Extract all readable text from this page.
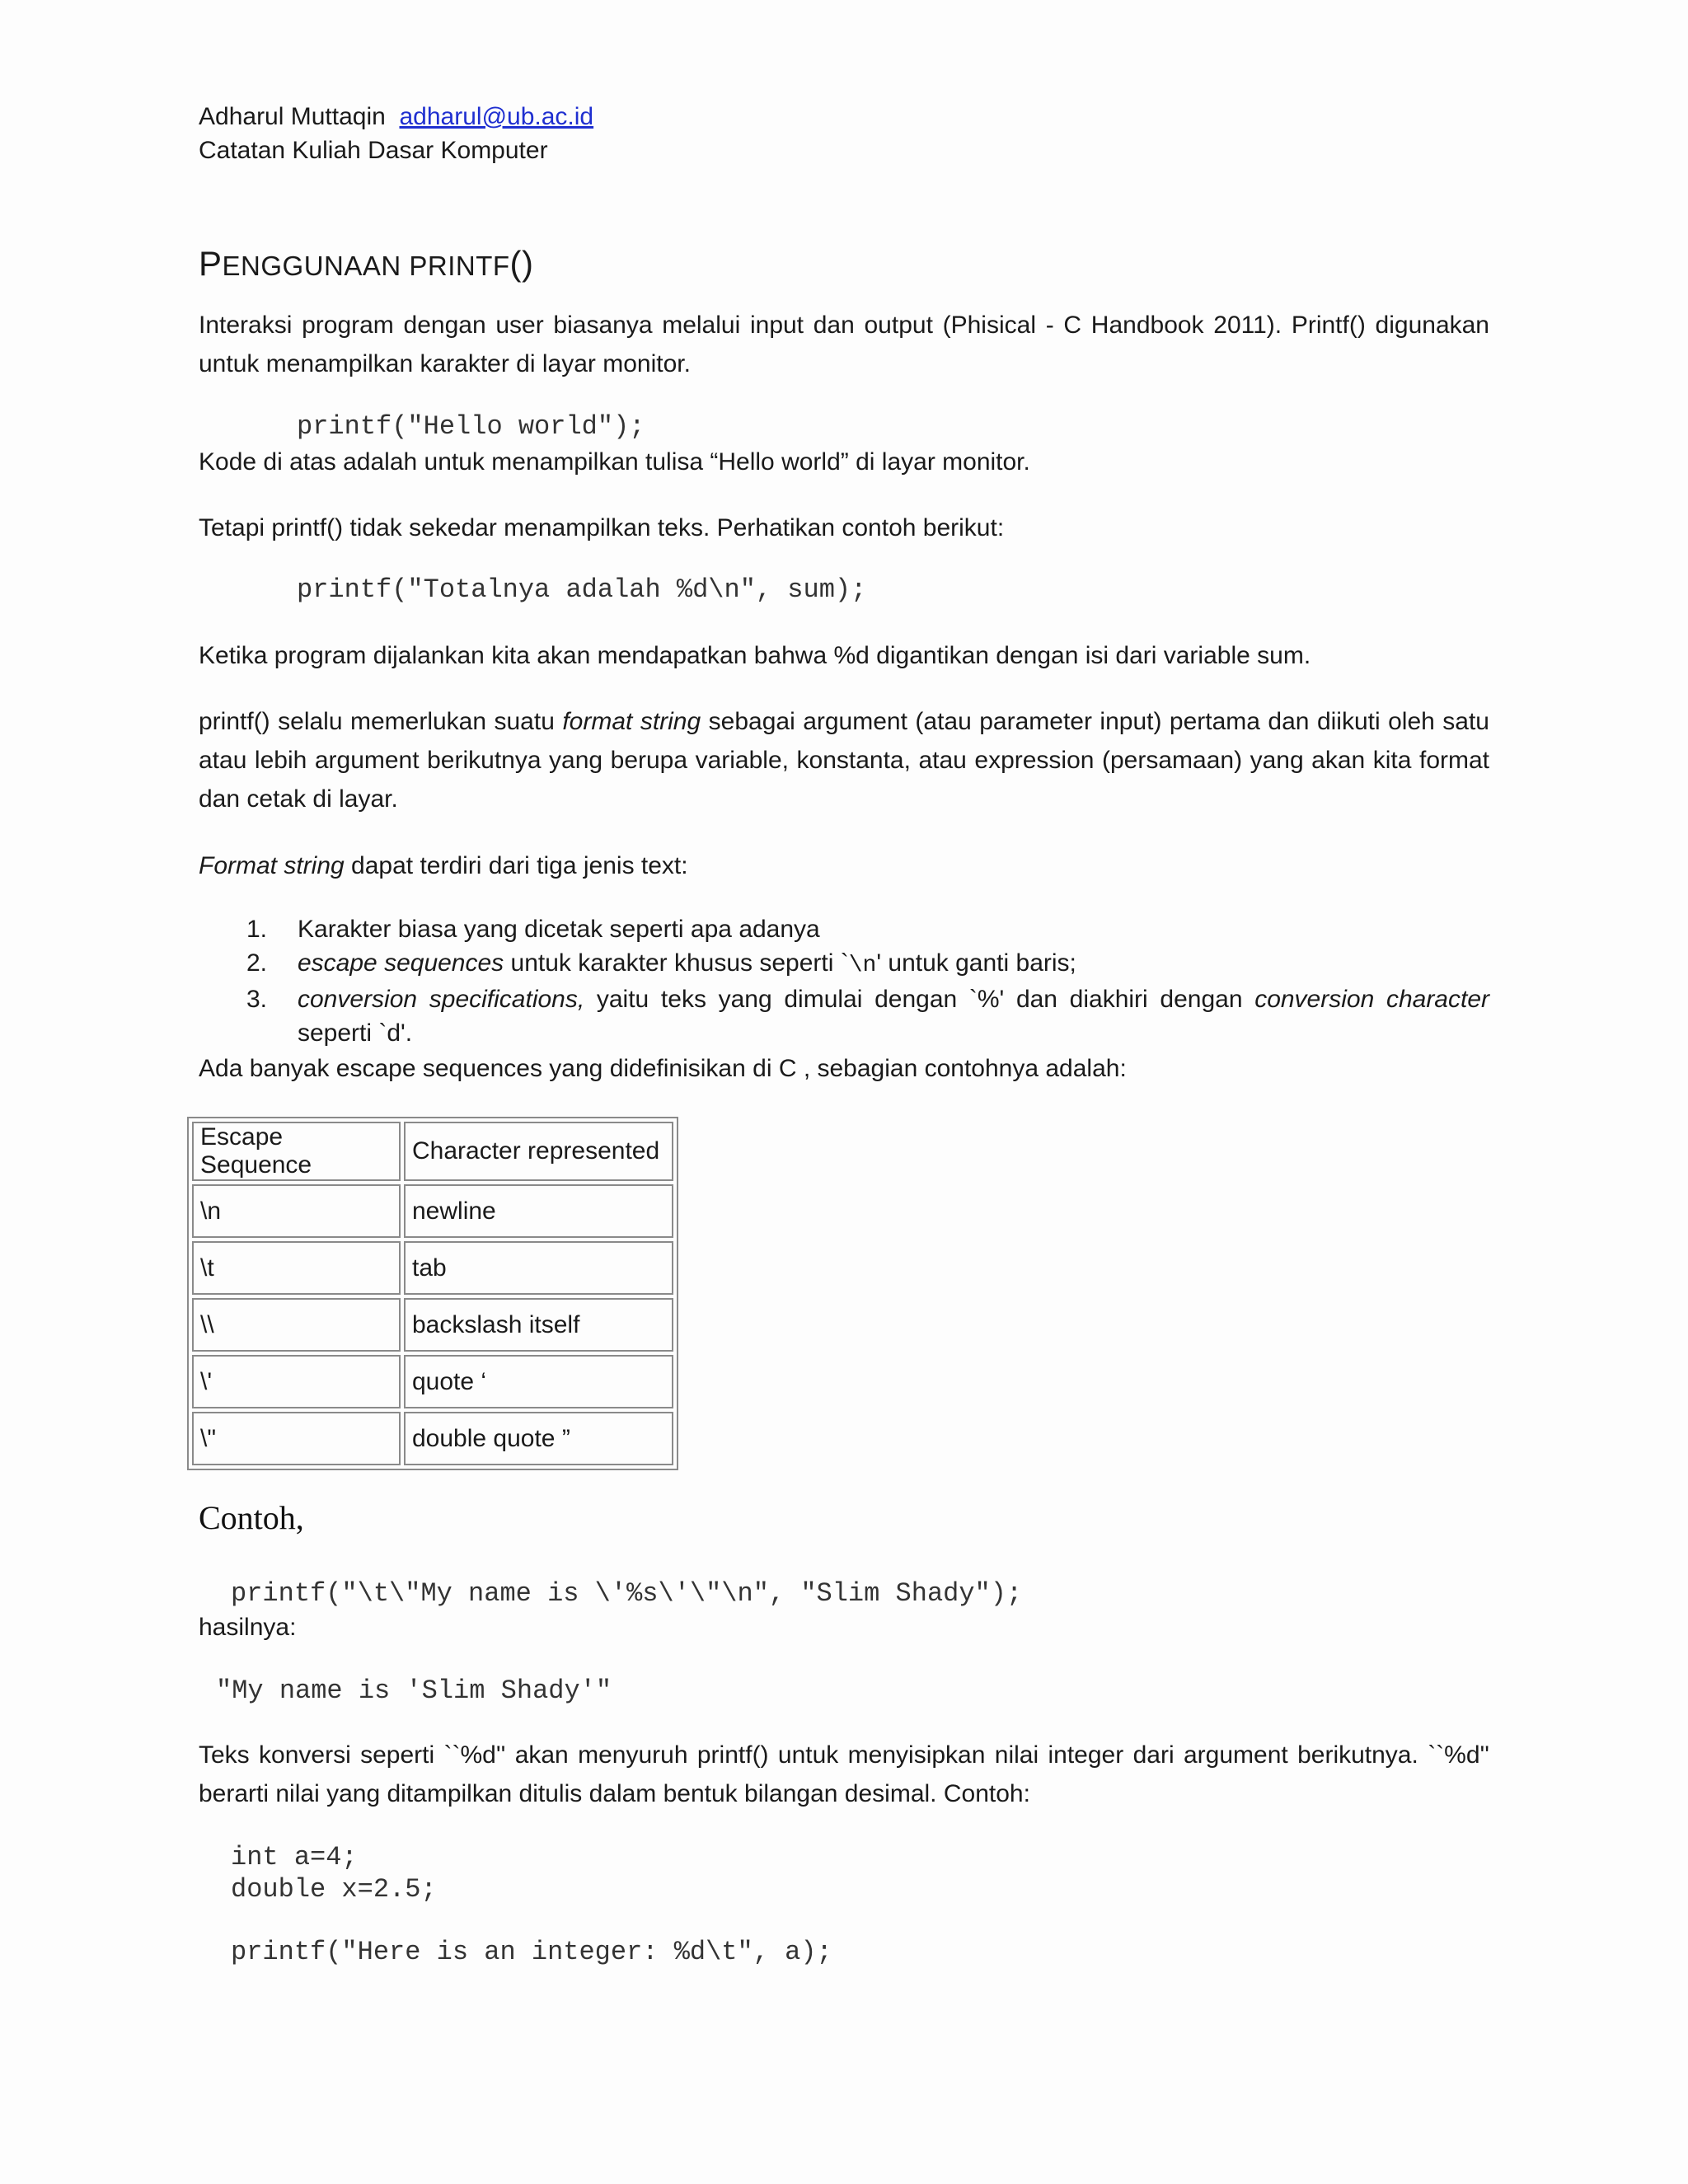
Adharul Muttaqin adharul@ub.ac.id
Catatan Kuliah Dasar Komputer
PENGGUNAAN PRINTF()
Interaksi program dengan user biasanya melalui input dan output (Phisical - C Handbook 2011). Printf() digunakan untuk menampilkan karakter di layar monitor.
printf("Hello world");
Kode di atas adalah untuk menampilkan tulisa “Hello world” di layar monitor.
Tetapi printf() tidak sekedar menampilkan teks. Perhatikan contoh berikut:
printf("Totalnya adalah %d\n", sum);
Ketika program dijalankan kita akan mendapatkan bahwa %d digantikan dengan isi dari variable sum.
printf() selalu memerlukan suatu format string sebagai argument (atau parameter input) pertama dan diikuti oleh satu atau lebih argument berikutnya yang berupa variable, konstanta, atau expression (persamaan) yang akan kita format dan cetak di layar.
Format string dapat terdiri dari tiga jenis text:
1. Karakter biasa yang dicetak seperti apa adanya
2. escape sequences untuk karakter khusus seperti `\n' untuk ganti baris;
3. conversion specifications, yaitu teks yang dimulai dengan `%' dan diakhiri dengan conversion character seperti `d'.
Ada banyak escape sequences yang didefinisikan di C , sebagian contohnya adalah:
Escape Sequence	Character represented
\n	newline
\t	tab
\\	backslash itself
\'	quote ‘
\"	double quote ”
Contoh,
printf("\t\"My name is \'%s\'\"\n", "Slim Shady");
hasilnya:
"My name is 'Slim Shady'"
Teks konversi seperti ``%d'' akan menyuruh printf() untuk menyisipkan nilai integer dari argument berikutnya. ``%d'' berarti nilai yang ditampilkan ditulis dalam bentuk bilangan desimal. Contoh:
int a=4;
double x=2.5;
printf("Here is an integer: %d\t", a);
